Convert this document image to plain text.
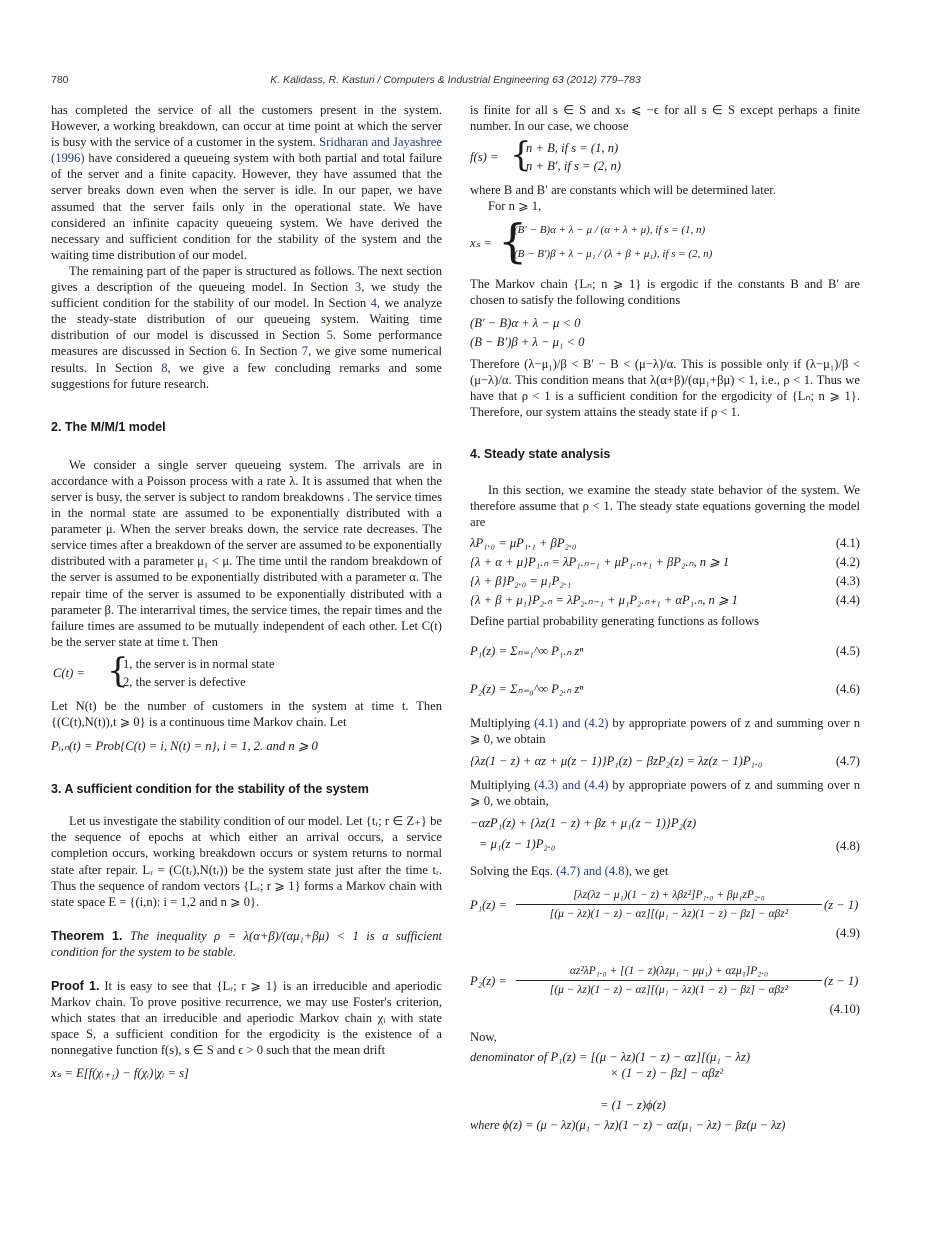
780	K. Kalidass, R. Kasturi / Computers & Industrial Engineering 63 (2012) 779–783

has completed the service of all the customers present in the system. However, a working breakdown, can occur at time point at which the server is busy with the service of a customer in the system. Sridharan and Jayashree (1996) have considered a queueing system with both partial and total failure of the server and a finite capacity. However, they have assumed that the server breaks down even when the server is idle. In our paper, we have assumed that the server fails only in the operational state. We have considered an infinite capacity queueing system. We have derived the necessary and sufficient condition for the stability of the system and the waiting time distribution of our model.

The remaining part of the paper is structured as follows. The next section gives a description of the queueing model. In Section 3, we study the sufficient condition for the stability of our model. In Section 4, we analyze the steady-state distribution of our queueing system. Waiting time distribution of our model is discussed in Section 5. Some performance measures are discussed in Section 6. In Section 7, we give some numerical results. In Section 8, we give a few concluding remarks and some suggestions for future research.

2. The M/M/1 model

We consider a single server queueing system. The arrivals are in accordance with a Poisson process with a rate λ. It is assumed that when the server is busy, the server is subject to random breakdowns . The service times in the normal state are assumed to be exponentially distributed with a parameter μ. When the server breaks down, the service rate decreases. The service times after a breakdown of the server are assumed to be exponentially distributed with a parameter μ₁ < μ. The time until the random breakdown of the server is assumed to be exponentially distributed with a parameter α. The repair time of the server is assumed to be exponentially distributed with a parameter β. The interarrival times, the service times, the repair times and the failure times are assumed to be mutually independent of each other. Let C(t) be the server state at time t. Then

C(t) = {
1, the server is in normal state
2, the server is defective

Let N(t) be the number of customers in the system at time t. Then {(C(t),N(t)),t ⩾ 0} is a continuous time Markov chain. Let

Pᵢ,ₙ(t) = Prob{C(t) = i, N(t) = n}, i = 1, 2. and n ⩾ 0

3. A sufficient condition for the stability of the system

Let us investigate the stability condition of our model. Let {tᵣ; r ∈ Z₊} be the sequence of epochs at which either an arrival occurs, a service completion occurs, working breakdown occurs or system returns to normal state after repair. Lᵣ = (C(tᵣ),N(tᵣ)) be the system state just after the time tᵣ. Thus the sequence of random vectors {Lᵣ; r ⩾ 1} forms a Markov chain with state space E = {(i,n): i = 1,2 and n ⩾ 0}.

Theorem 1. The inequality ρ = λ(α+β)/(αμ₁+βμ) < 1 is a sufficient condition for the system to be stable.

Proof 1. It is easy to see that {Lᵣ; r ⩾ 1} is an irreducible and aperiodic Markov chain. To prove positive recurrence, we may use Foster's criterion, which states that an irreducible and aperiodic Markov chain χᵢ with state space S, a sufficient condition for the ergodicity is the existence of a nonnegative function f(s), s ∈ S and ϵ > 0 such that the mean drift

xₛ = E[f(χᵢ₊₁) − f(χᵢ)|χᵢ = s]

is finite for all s ∈ S and xₛ ⩽ −ϵ for all s ∈ S except perhaps a finite number. In our case, we choose

f(s) = {
n + B, if s = (1, n)
n + B′, if s = (2, n)

where B and B′ are constants which will be determined later.

For n ⩾ 1,

xₛ = {
(B′ − B)α + λ − μ / (α + λ + μ), if s = (1, n)
(B − B′)β + λ − μ₁ / (λ + β + μ₁), if s = (2, n)

The Markov chain {Lₙ; n ⩾ 1} is ergodic if the constants B and B′ are chosen to satisfy the following conditions

(B′ − B)α + λ − μ < 0

(B − B′)β + λ − μ₁ < 0

Therefore (λ−μ₁)/β < B′ − B < (μ−λ)/α. This is possible only if (λ−μ₁)/β < (μ−λ)/α. This condition means that λ(α+β)/(αμ₁+βμ) < 1, i.e., ρ < 1. Thus we have that ρ < 1 is a sufficient condition for the ergodicity of {Lₙ; n ⩾ 1}. Therefore, our system attains the steady state if ρ < 1.

4. Steady state analysis

In this section, we examine the steady state behavior of the system. We therefore assume that ρ < 1. The steady state equations governing the model are

λP₁.₀ = μP₁.₁ + βP₂.₀	(4.1)
{λ + α + μ}P₁.ₙ = λP₁.ₙ₋₁ + μP₁.ₙ₊₁ + βP₂.ₙ, n ⩾ 1	(4.2)
{λ + β}P₂.₀ = μ₁P₂.₁	(4.3)
{λ + β + μ₁}P₂.ₙ = λP₂.ₙ₋₁ + μ₁P₂.ₙ₊₁ + αP₁.ₙ, n ⩾ 1	(4.4)

Define partial probability generating functions as follows

P₁(z) = Σₙ₌₁^∞ P₁.ₙ zⁿ	(4.5)
P₂(z) = Σₙ₌₀^∞ P₂.ₙ zⁿ	(4.6)

Multiplying (4.1) and (4.2) by appropriate powers of z and summing over n ⩾ 0, we obtain

{λz(1 − z) + αz + μ(z − 1)}P₁(z) − βzP₂(z) = λz(z − 1)P₁.₀	(4.7)

Multiplying (4.3) and (4.4) by appropriate powers of z and summing over n ⩾ 0, we obtain,

−αzP₁(z) + {λz(1 − z) + βz + μ₁(z − 1)}P₂(z)
= μ₁(z − 1)P₂.₀	(4.8)

Solving the Eqs. (4.7) and (4.8), we get

P₁(z) =
[λz(λz − μ₁)(1 − z) + λβz²]P₁.₀ + βμ₁zP₂.₀
[(μ − λz)(1 − z) − αz][(μ₁ − λz)(1 − z) − βz] − αβz²
(z − 1)
(4.9)
P₂(z) =
αz²λP₁.₀ + [(1 − z)(λzμ₁ − μμ₁) + αzμ₁]P₂.₀
[(μ − λz)(1 − z) − αz][(μ₁ − λz)(1 − z) − βz] − αβz²
(z − 1)
(4.10)

Now,

denominator of P₁(z) = [(μ − λz)(1 − z) − αz][(μ₁ − λz)
× (1 − z) − βz] − αβz²
= (1 − z)ϕ(z)

where ϕ(z) = (μ − λz)(μ₁ − λz)(1 − z) − αz(μ₁ − λz) − βz(μ − λz)
